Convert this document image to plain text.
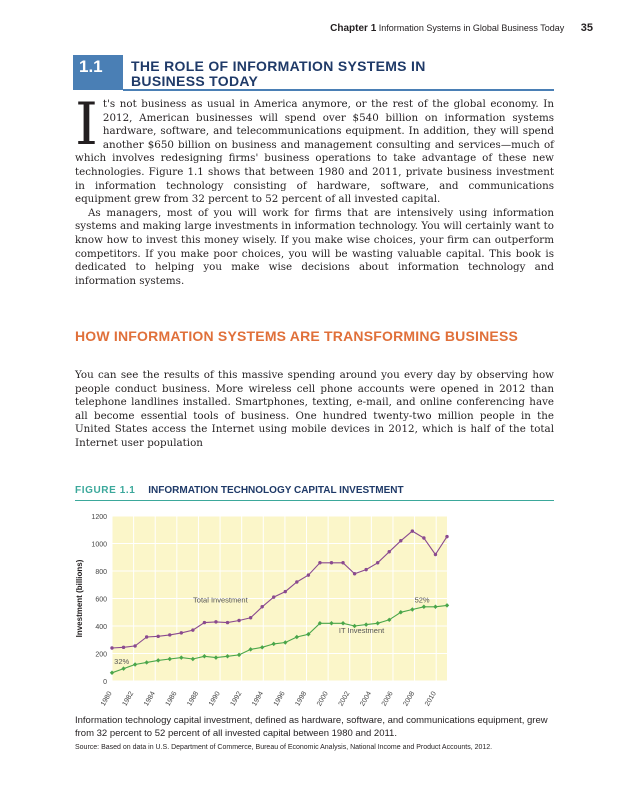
Chapter 1 Information Systems in Global Business Today 35
1.1	THE ROLE OF INFORMATION SYSTEMS IN
BUSINESS TODAY

It's not business as usual in America anymore, or the rest of the global economy. In 2012, American businesses will spend over $540 billion on information systems hardware, software, and telecommunications equipment. In addition, they will spend another $650 billion on business and management consulting and services—much of which involves redesigning firms' business operations to take advantage of these new technologies. Figure 1.1 shows that between 1980 and 2011, private business investment in information technology consisting of hardware, software, and communications equipment grew from 32 percent to 52 percent of all invested capital.

As managers, most of you will work for firms that are intensively using information systems and making large investments in information technology. You will certainly want to know how to invest this money wisely. If you make wise choices, your firm can outperform competitors. If you make poor choices, you will be wasting valuable capital. This book is dedicated to helping you make wise decisions about information technology and information systems.

HOW INFORMATION SYSTEMS ARE TRANSFORMING BUSINESS

You can see the results of this massive spending around you every day by observing how people conduct business. More wireless cell phone accounts were opened in 2012 than telephone landlines installed. Smartphones, texting, e-mail, and online conferencing have all become essential tools of business. One hundred twenty-two million people in the United States access the Internet using mobile devices in 2012, which is half of the total Internet user population

FIGURE 1.1 INFORMATION TECHNOLOGY CAPITAL INVESTMENT
0
200
400
600
800
1000
1200
Investment (billions)
1980 1982 1984 1986 1988 1990 1992 1994 1996 1998 2000 2002 2004 2006 2008 2010
Total Investment
IT Investment
32%
52%
Information technology capital investment, defined as hardware, software, and communications equipment, grew from 32 percent to 52 percent of all invested capital between 1980 and 2011.
Source: Based on data in U.S. Department of Commerce, Bureau of Economic Analysis, National Income and Product Accounts, 2012.
